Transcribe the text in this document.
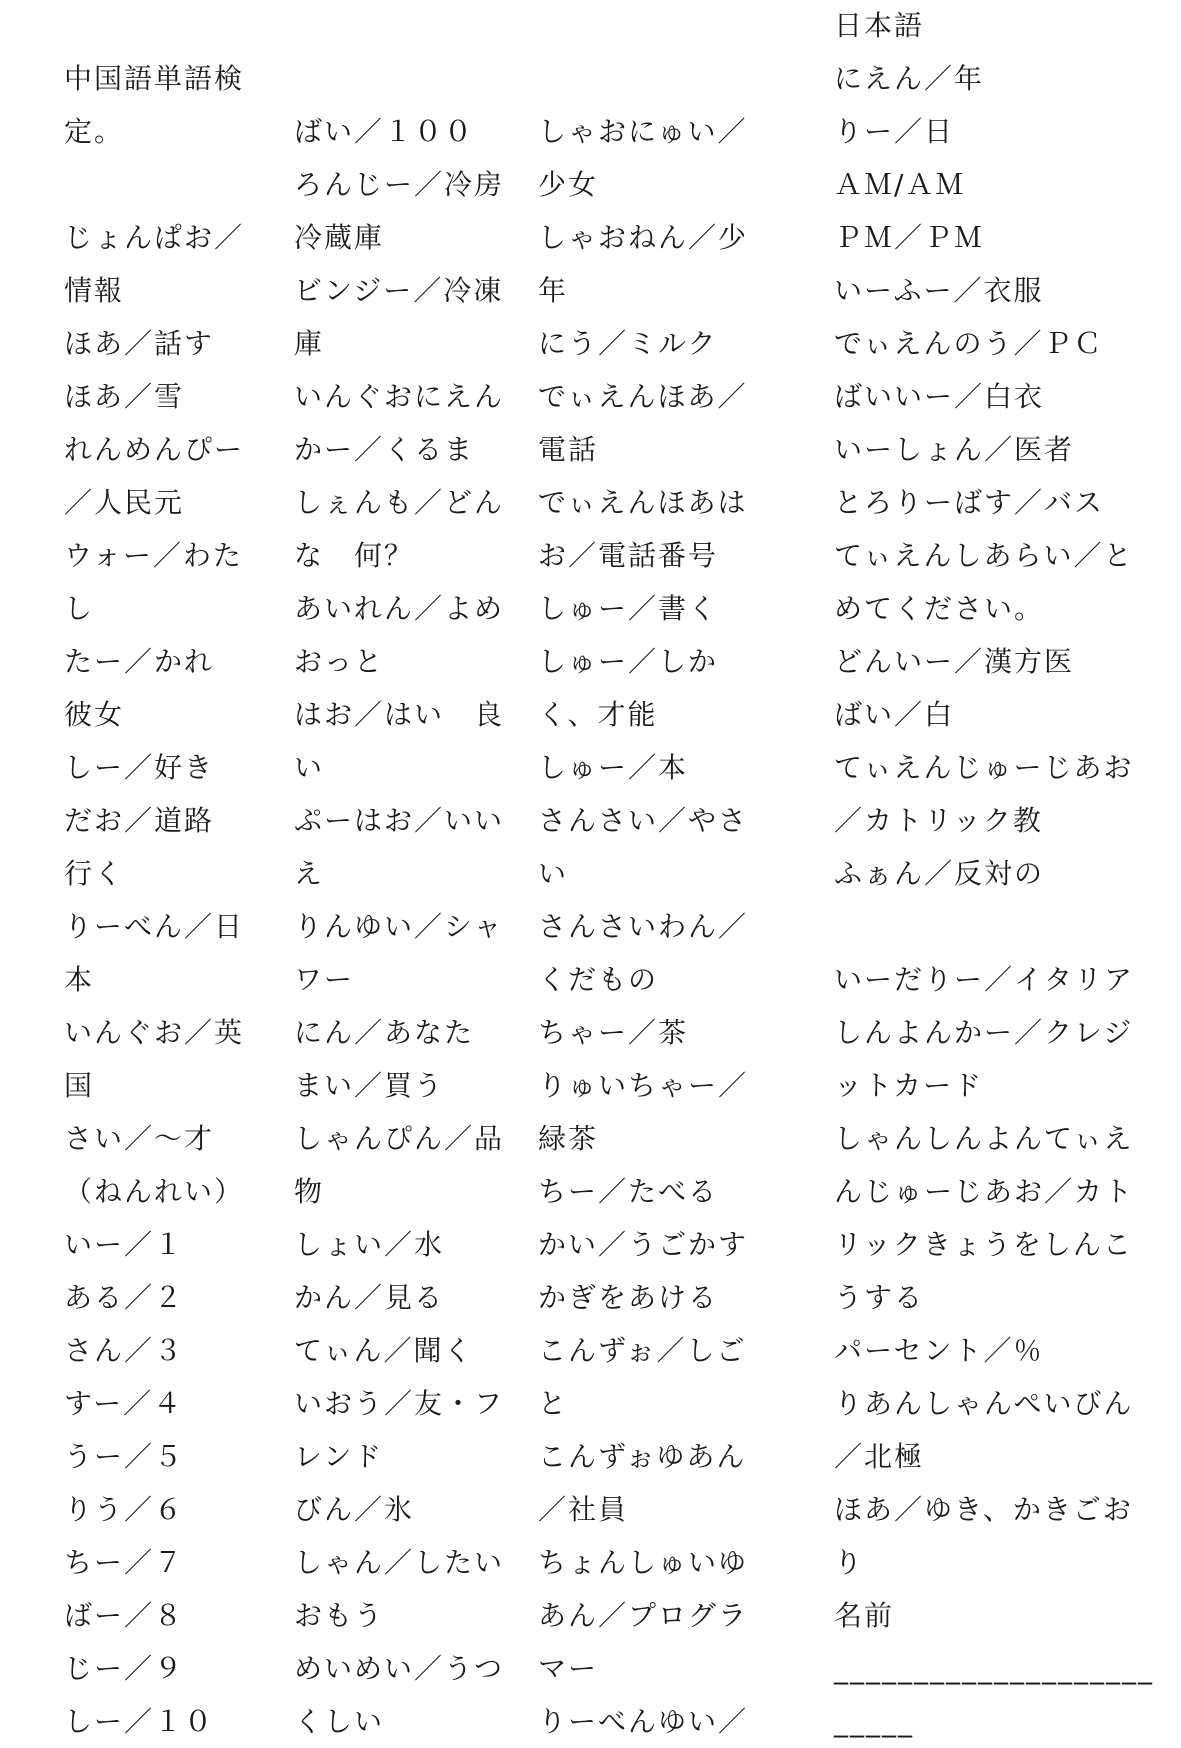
中国語単語検
定。
じょんぱお／
情報
ほあ／話す
ほあ／雪
れんめんぴー
／人民元
ウォー／わた
し
たー／かれ
彼女
しー／好き
だお／道路
行く
りーべん／日
本
いんぐお／英
国
さい／～才
（ねんれい）
いー／１
ある／２
さん／３
すー／４
うー／５
りう／６
ちー／７
ばー／８
じー／９
しー／１０
ばい／１００
ろんじー／冷房
冷蔵庫
ビンジー／冷凍
庫
いんぐおにえん
かー／くるま
しぇんも／どん
な　何？
あいれん／よめ
おっと
はお／はい　良
い
ぷーはお／いい
え
りんゆい／シャ
ワー
にん／あなた
まい／買う
しゃんぴん／品
物
しょい／水
かん／見る
てぃん／聞く
いおう／友・フ
レンド
びん／氷
しゃん／したい
おもう
めいめい／うつ
くしい
しゃおにゅい／
少女
しゃおねん／少
年
にう／ミルク
でぃえんほあ／
電話
でぃえんほあは
お／電話番号
しゅー／書く
しゅー／しか
く、才能
しゅー／本
さんさい／やさ
い
さんさいわん／
くだもの
ちゃー／茶
りゅいちゃー／
緑茶
ちー／たべる
かい／うごかす
かぎをあける
こんずぉ／しご
と
こんずぉゆあん
／社員
ちょんしゅいゆ
あん／プログラ
マー
りーべんゆい／
日本語
にえん／年
りー／日
ＡＭ/ＡＭ
ＰＭ／ＰＭ
いーふー／衣服
でぃえんのう／ＰＣ
ばいいー／白衣
いーしょん／医者
とろりーばす／バス
てぃえんしあらい／と
めてください。
どんいー／漢方医
ばい／白
てぃえんじゅーじあお
／カトリック教
ふぁん／反対の
いーだりー／イタリア
しんよんかー／クレジ
ットカード
しゃんしんよんてぃえ
んじゅーじあお／カト
リックきょうをしんこ
うする
パーセント／％
りあんしゃんぺいびん
／北極
ほあ／ゆき、かきごお
り
名前
____________________
_____
